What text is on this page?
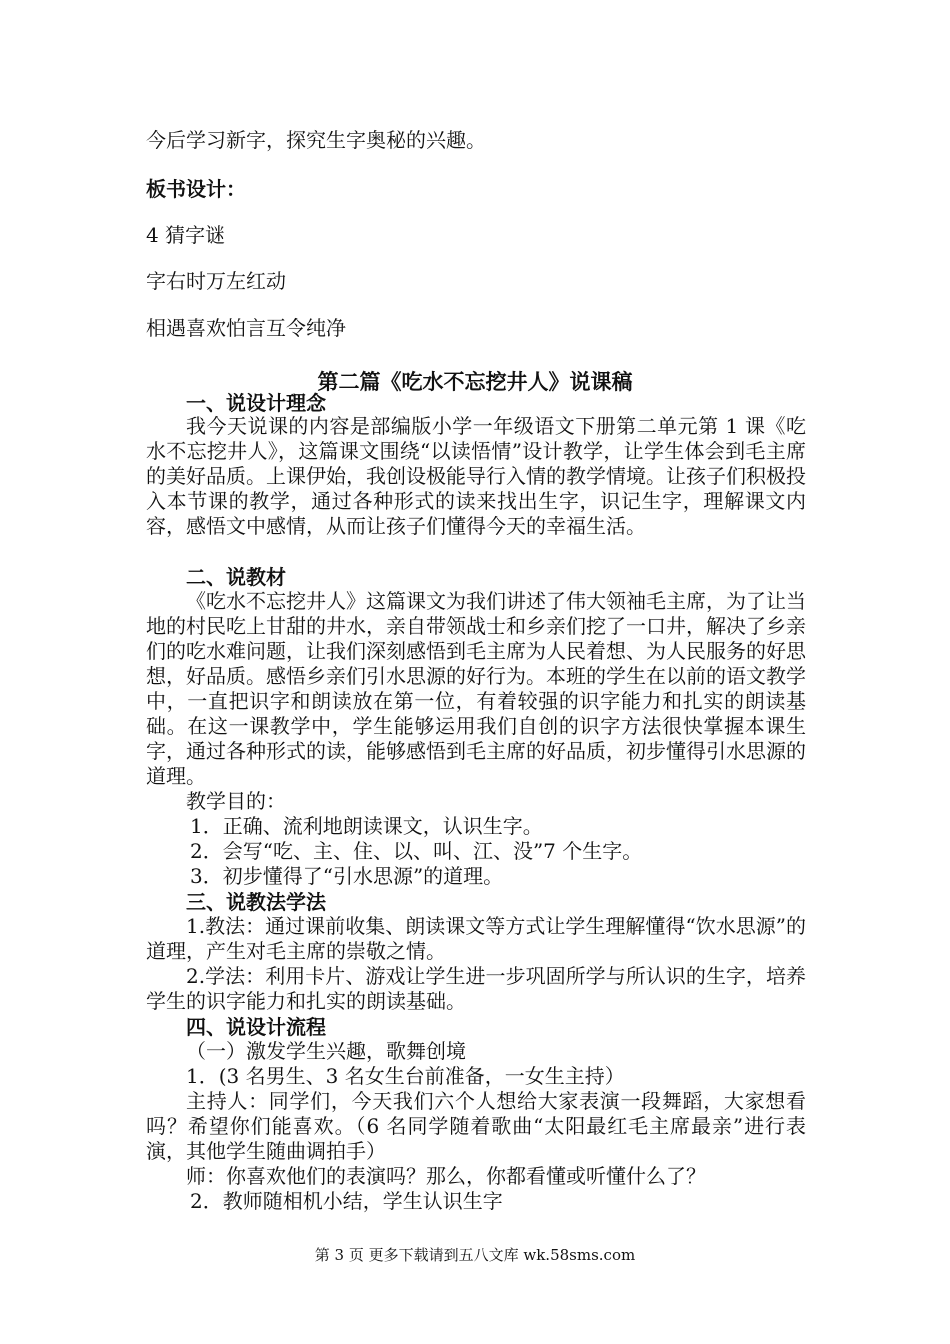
今后学习新字，探究生字奥秘的兴趣。
板书设计：
4 猜字谜
字右时万左红动
相遇喜欢怕言互令纯净
第二篇《吃水不忘挖井人》说课稿
一、说设计理念
我今天说课的内容是部编版小学一年级语文下册第二单元第 1 课《吃水不忘挖井人》，这篇课文围绕“以读悟情”设计教学，让学生体会到毛主席的美好品质。上课伊始，我创设极能导行入情的教学情境。让孩子们积极投入本节课的教学，通过各种形式的读来找出生字，识记生字，理解课文内容，感悟文中感情，从而让孩子们懂得今天的幸福生活。
二、说教材
《吃水不忘挖井人》这篇课文为我们讲述了伟大领袖毛主席，为了让当地的村民吃上甘甜的井水，亲自带领战士和乡亲们挖了一口井，解决了乡亲们的吃水难问题，让我们深刻感悟到毛主席为人民着想、为人民服务的好思想，好品质。感悟乡亲们引水思源的好行为。本班的学生在以前的语文教学中，一直把识字和朗读放在第一位，有着较强的识字能力和扎实的朗读基础。在这一课教学中，学生能够运用我们自创的识字方法很快掌握本课生字，通过各种形式的读，能够感悟到毛主席的好品质，初步懂得引水思源的道理。
教学目的：
1．正确、流利地朗读课文，认识生字。
2．会写“吃、主、住、以、叫、江、没”7 个生字。
3．初步懂得了“引水思源”的道理。
三、说教法学法
1.教法：通过课前收集、朗读课文等方式让学生理解懂得“饮水思源”的道理，产生对毛主席的崇敬之情。
2.学法：利用卡片、游戏让学生进一步巩固所学与所认识的生字，培养学生的识字能力和扎实的朗读基础。
四、说设计流程
（一）激发学生兴趣，歌舞创境
1．(3 名男生、3 名女生台前准备，一女生主持）
主持人：同学们，今天我们六个人想给大家表演一段舞蹈，大家想看吗？希望你们能喜欢。（6 名同学随着歌曲“太阳最红毛主席最亲”进行表演，其他学生随曲调拍手）
师：你喜欢他们的表演吗？那么，你都看懂或听懂什么了？
2．教师随相机小结，学生认识生字
第 3 页 更多下载请到五八文库 wk.58sms.com
